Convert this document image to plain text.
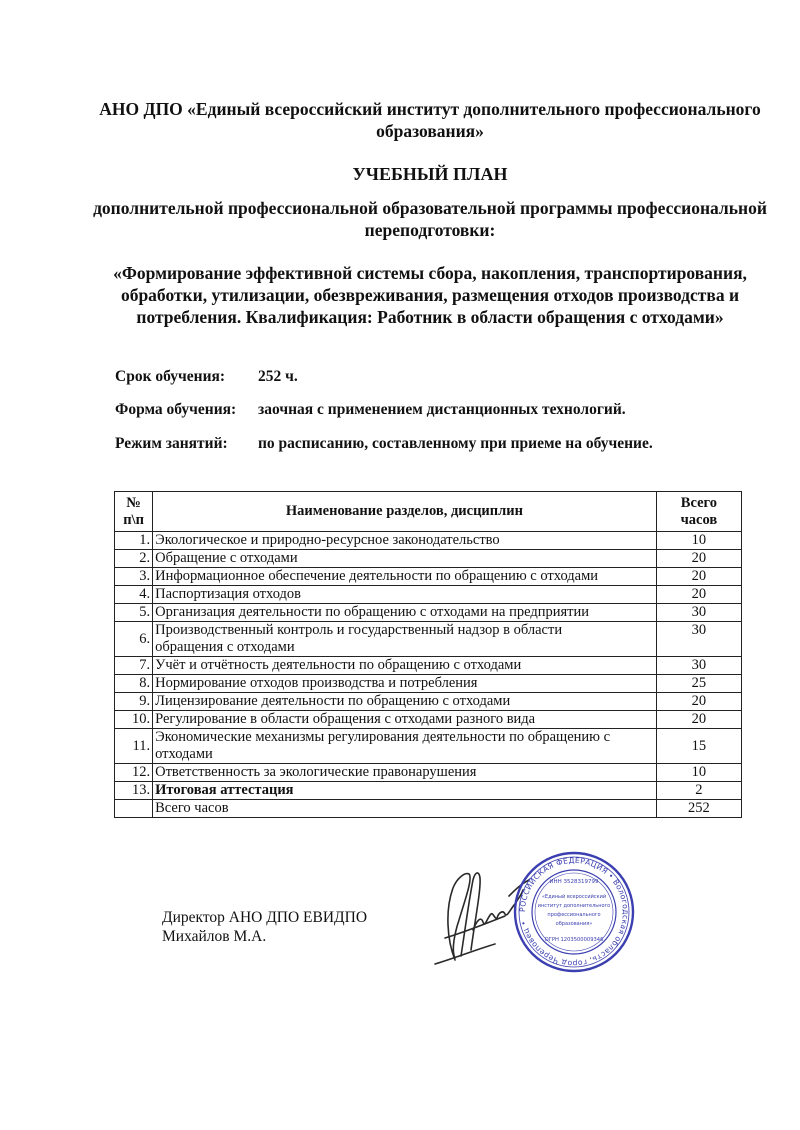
АНО ДПО «Единый всероссийский институт дополнительного профессионального образования»
УЧЕБНЫЙ ПЛАН
дополнительной профессиональной образовательной программы профессиональной переподготовки:
«Формирование эффективной системы сбора, накопления, транспортирования, обработки, утилизации, обезвреживания, размещения отходов производства и потребления. Квалификация: Работник в области обращения с отходами»
Срок обучения: 252 ч.
Форма обучения: заочная с применением дистанционных технологий.
Режим занятий: по расписанию, составленному при приеме на обучение.
№ п\п	Наименование разделов, дисциплин	Всего часов
1.	Экологическое и природно-ресурсное законодательство	10
2.	Обращение с отходами	20
3.	Информационное обеспечение деятельности по обращению с отходами	20
4.	Паспортизация отходов	20
5.	Организация деятельности по обращению с отходами на предприятии	30
6.	Производственный контроль и государственный надзор в области обращения с отходами	30
7.	Учёт и отчётность деятельности по обращению с отходами	30
8.	Нормирование отходов производства и потребления	25
9.	Лицензирование деятельности по обращению с отходами	20
10.	Регулирование в области обращения с отходами разного вида	20
11.	Экономические механизмы регулирования деятельности по обращению с отходами	15
12.	Ответственность за экологические правонарушения	10
13.	Итоговая аттестация	2
	Всего часов	252
Директор АНО ДПО ЕВИДПО
Михайлов М.А.
РОССИЙСКАЯ ФЕДЕРАЦИЯ • Вологодская область, город Череповец •
ИНН 3528319799
«Единый всероссийский
институт дополнительного
профессионального
образования»
ОГРН 1203500009346
